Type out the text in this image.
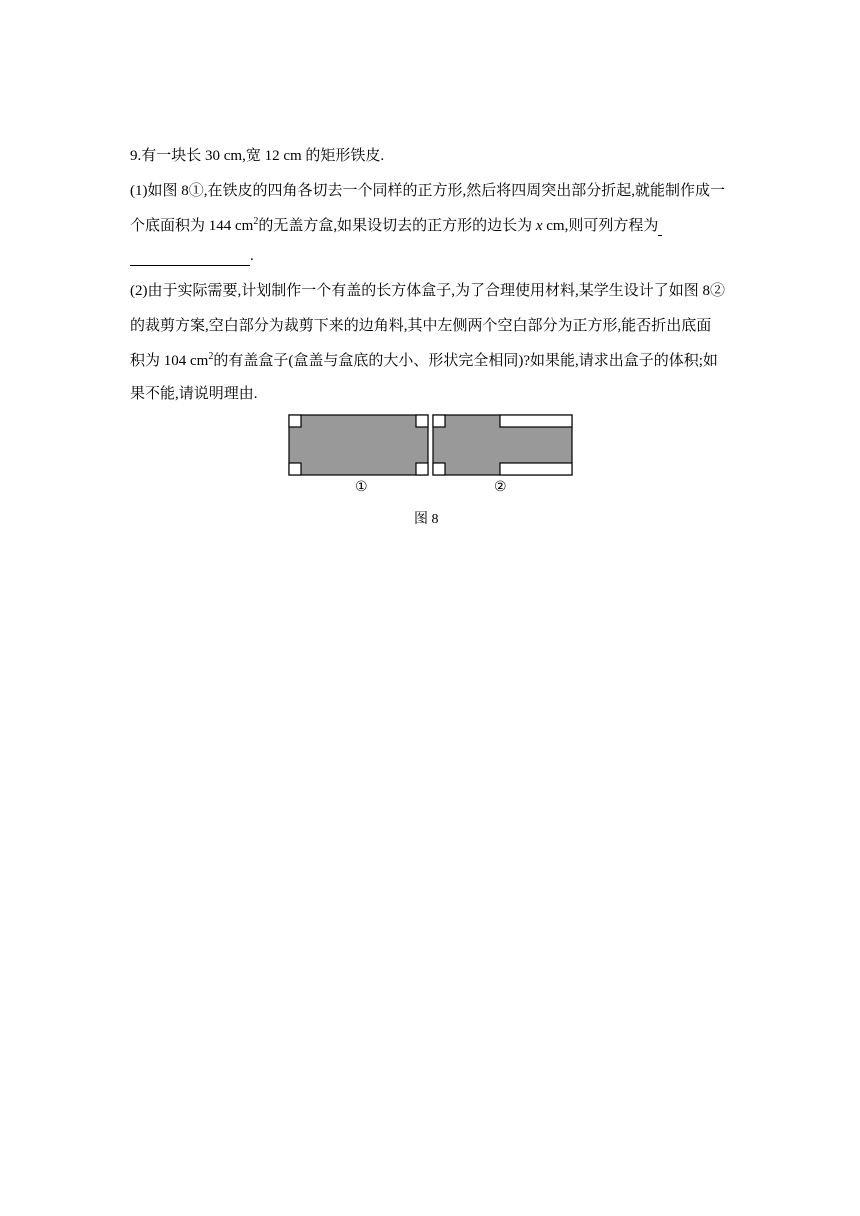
9.有一块长 30 cm,宽 12 cm 的矩形铁皮.
(1)如图 8①,在铁皮的四角各切去一个同样的正方形,然后将四周突出部分折起,就能制作成一
个底面积为 144 $cm^2$的无盖方盒,如果设切去的正方形的边长为 x cm,则可列方程为
.
(2)由于实际需要,计划制作一个有盖的长方体盒子,为了合理使用材料,某学生设计了如图 8②
的裁剪方案,空白部分为裁剪下来的边角料,其中左侧两个空白部分为正方形,能否折出底面
积为 104 $cm^2$的有盖盒子(盒盖与盒底的大小、形状完全相同)?如果能,请求出盒子的体积;如
果不能,请说明理由.
①	②
图 8
